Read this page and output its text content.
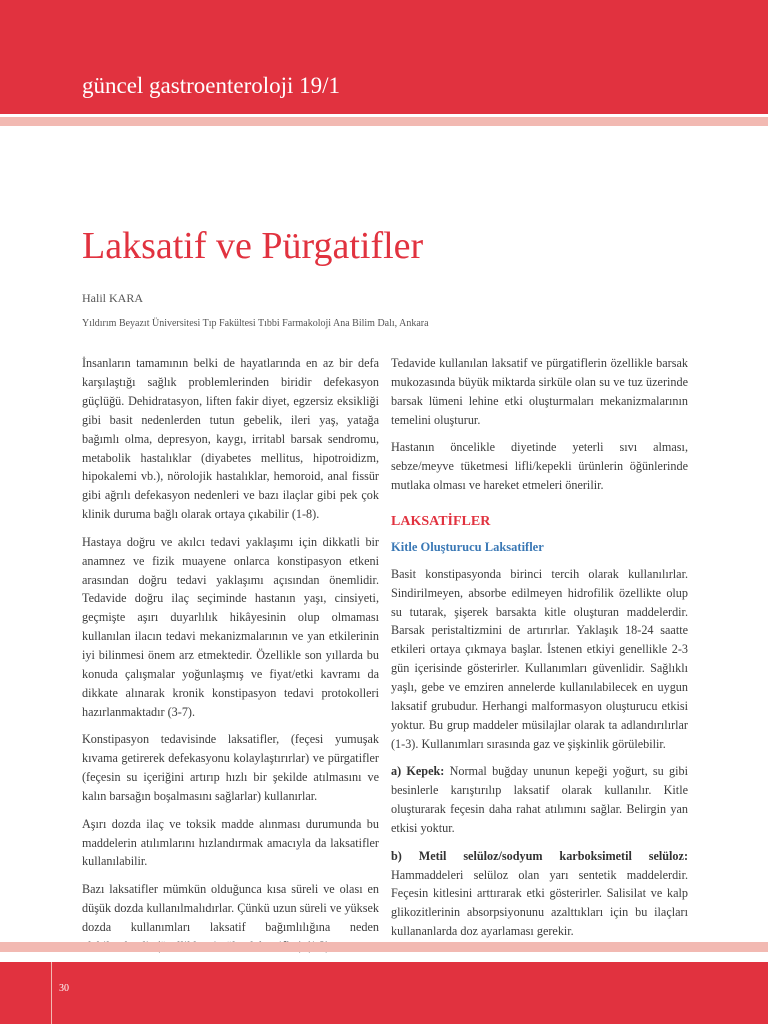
güncel gastroenteroloji 19/1
Laksatif ve Pürgatifler
Halil KARA
Yıldırım Beyazıt Üniversitesi Tıp Fakültesi Tıbbi Farmakoloji Ana Bilim Dalı, Ankara

İnsanların tamamının belki de hayatlarında en az bir defa karşılaştığı sağlık problemlerinden biridir defekasyon güçlüğü. Dehidratasyon, liften fakir diyet, egzersiz eksikliği gibi basit nedenlerden tutun gebelik, ileri yaş, yatağa bağımlı olma, depresyon, kaygı, irritabl barsak sendromu, metabolik hastalıklar (diyabetes mellitus, hipotroidizm, hipokalemi vb.), nörolojik hastalıklar, hemoroid, anal fissür gibi ağrılı defekasyon nedenleri ve bazı ilaçlar gibi pek çok klinik duruma bağlı olarak ortaya çıkabilir (1-8).

Hastaya doğru ve akılcı tedavi yaklaşımı için dikkatli bir anamnez ve fizik muayene onlarca konstipasyon etkeni arasından doğru tedavi yaklaşımı açısından önemlidir. Tedavide doğru ilaç seçiminde hastanın yaşı, cinsiyeti, geçmişte aşırı duyarlılık hikâyesinin olup olmaması kullanılan ilacın tedavi mekanizmalarının ve yan etkilerinin iyi bilinmesi önem arz etmektedir. Özellikle son yıllarda bu konuda çalışmalar yoğunlaşmış ve fiyat/etki kavramı da dikkate alınarak kronik konstipasyon tedavi protokolleri hazırlanmaktadır (3-7).

Konstipasyon tedavisinde laksatifler, (feçesi yumuşak kıvama getirerek defekasyonu kolaylaştırırlar) ve pürgatifler (feçesin su içeriğini artırıp hızlı bir şekilde atılmasını ve kalın barsağın boşalmasını sağlarlar) kullanırlar.

Aşırı dozda ilaç ve toksik madde alınması durumunda bu maddelerin atılımlarını hızlandırmak amacıyla da laksatifler kullanılabilir.

Bazı laksatifler mümkün olduğunca kısa süreli ve olası en düşük dozda kullanılmalıdırlar. Çünkü uzun süreli ve yüksek dozda kullanımları laksatif bağımlılığına neden

Tedavide kullanılan laksatif ve pürgatiflerin özellikle barsak mukozasında büyük miktarda sirküle olan su ve tuz üzerinde barsak lümeni lehine etki oluşturmaları mekanizmalarının temelini oluşturur.

Hastanın öncelikle diyetinde yeterli sıvı alması, sebze/meyve tüketmesi lifli/kepekli ürünlerin öğünlerinde mutlaka olması ve hareket etmeleri önerilir.

LAKSATİFLER
Kitle Oluşturucu Laksatifler

Basit konstipasyonda birinci tercih olarak kullanılırlar. Sindirilmeyen, absorbe edilmeyen hidrofilik özellikte olup su tutarak, şişerek barsakta kitle oluşturan maddelerdir. Barsak peristaltizmini de artırırlar. Yaklaşık 18-24 saatte etkileri ortaya çıkmaya başlar. İstenen etkiyi genellikle 2-3 gün içerisinde gösterirler. Kullanımları güvenlidir. Sağlıklı yaşlı, gebe ve emziren annelerde kullanılabilecek en uygun laksatif grubudur. Herhangi malformasyon oluşturucu etkisi yoktur. Bu grup maddeler müsilajlar olarak ta adlandırılırlar (1-3). Kullanımları sırasında gaz ve şişkinlik görülebilir.

a) Kepek: Normal buğday ununun kepeği yoğurt, su gibi besinlerle karıştırılıp laksatif olarak kullanılır. Kitle oluşturarak feçesin daha rahat atılımını sağlar. Belirgin yan etkisi yoktur.

b) Metil selüloz/sodyum karboksimetil selüloz: Hammaddeleri selüloz olan yarı sentetik maddelerdir. Feçesin kitlesini arttırarak etki gösterirler. Salisilat ve kalp glikozitlerinin absorpsiyonunu azalttıkları için bu ilaçları kullananlarda doz ayarlaması gerekir.

30
